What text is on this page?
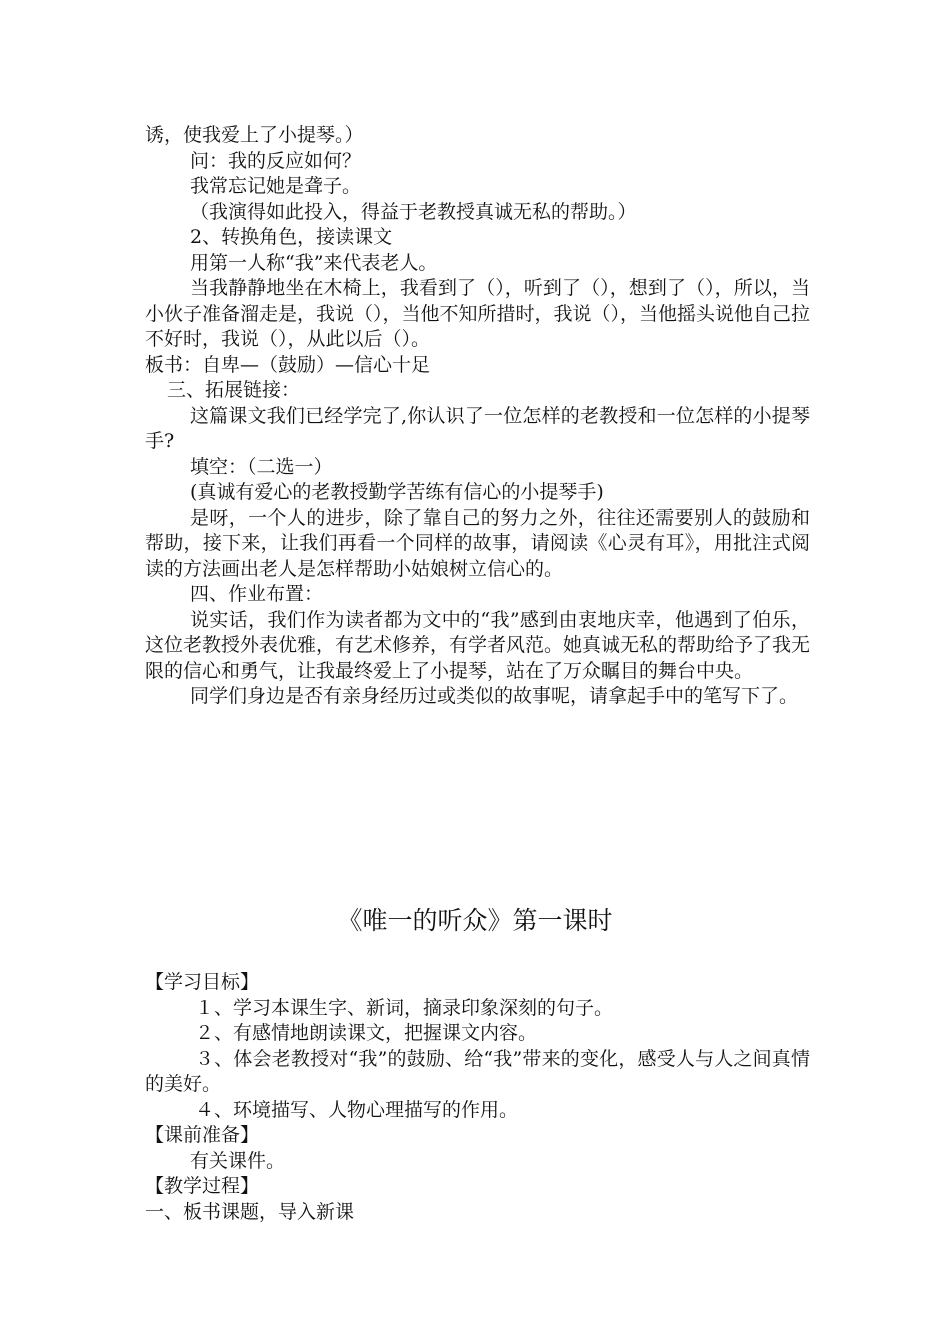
诱，使我爱上了小提琴。）

问：我的反应如何？

我常忘记她是聋子。

（我演得如此投入，得益于老教授真诚无私的帮助。）

2、转换角色，接读课文

用第一人称“我”来代表老人。

当我静静地坐在木椅上，我看到了（），听到了（），想到了（），所以，当小伙子准备溜走是，我说（），当他不知所措时，我说（），当他摇头说他自己拉不好时，我说（），从此以后（）。

板书：自卑—（鼓励）—信心十足

三、拓展链接：

这篇课文我们已经学完了,你认识了一位怎样的老教授和一位怎样的小提琴手?

填空：（二选一）

(真诚有爱心的老教授勤学苦练有信心的小提琴手)

是呀，一个人的进步，除了靠自己的努力之外，往往还需要别人的鼓励和帮助，接下来，让我们再看一个同样的故事，请阅读《心灵有耳》，用批注式阅读的方法画出老人是怎样帮助小姑娘树立信心的。

四、作业布置：

说实话，我们作为读者都为文中的“我”感到由衷地庆幸，他遇到了伯乐，这位老教授外表优雅，有艺术修养，有学者风范。她真诚无私的帮助给予了我无限的信心和勇气，让我最终爱上了小提琴，站在了万众瞩目的舞台中央。

同学们身边是否有亲身经历过或类似的故事呢，请拿起手中的笔写下了。

《唯一的听众》第一课时

【学习目标】

１、学习本课生字、新词，摘录印象深刻的句子。

２、有感情地朗读课文，把握课文内容。

３、体会老教授对“我”的鼓励、给“我”带来的变化，感受人与人之间真情的美好。

４、环境描写、人物心理描写的作用。

【课前准备】

有关课件。

【教学过程】

一、板书课题，导入新课
